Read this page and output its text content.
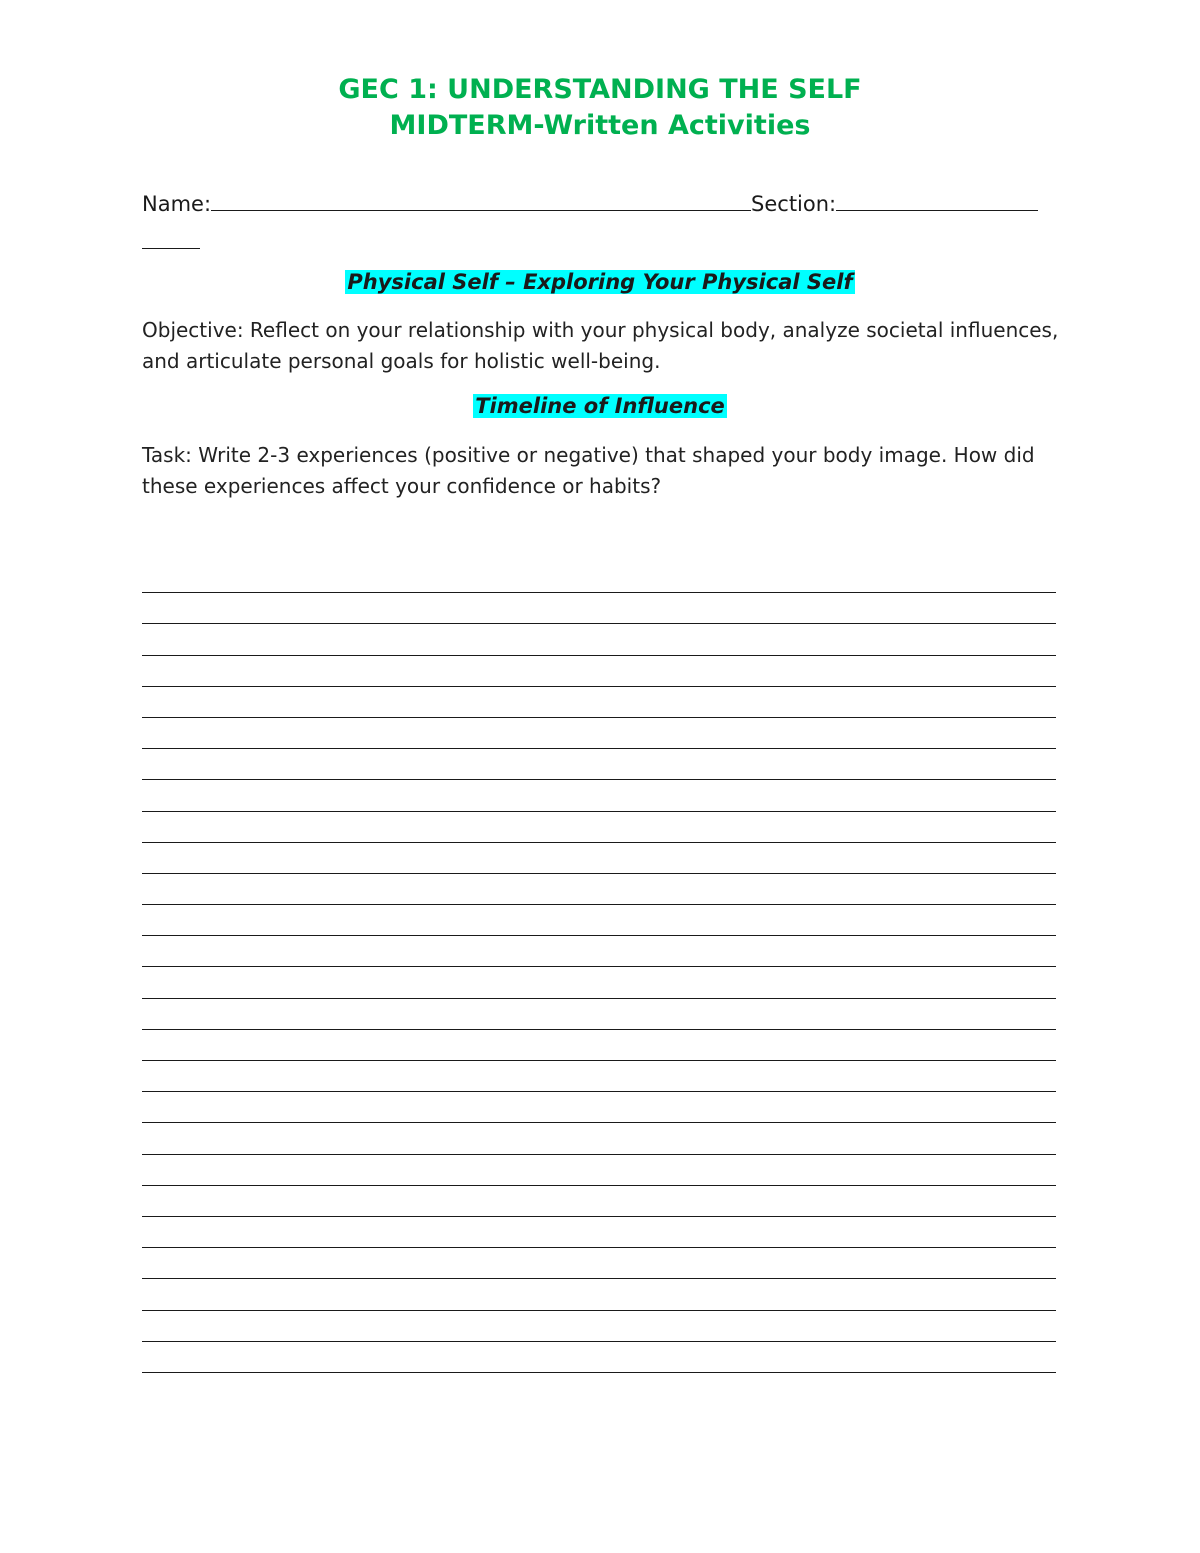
GEC 1: UNDERSTANDING THE SELF
MIDTERM-Written Activities
Name:	Section:
Physical Self – Exploring Your Physical Self
Objective: Reflect on your relationship with your physical body, analyze societal influences, and articulate personal goals for holistic well-being.
Timeline of Influence
Task: Write 2-3 experiences (positive or negative) that shaped your body image. How did these experiences affect your confidence or habits?
